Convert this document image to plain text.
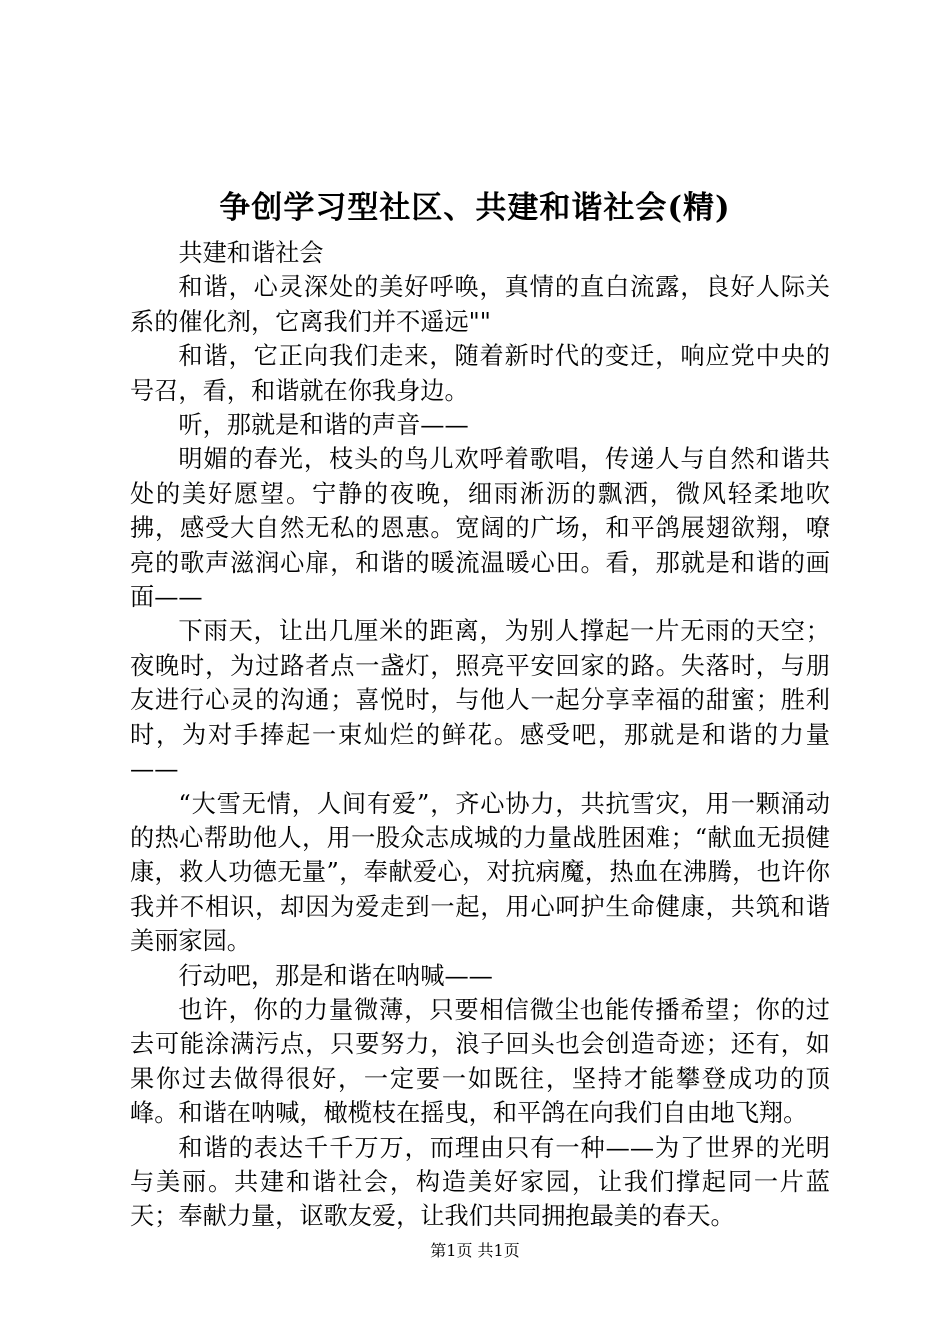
争创学习型社区、共建和谐社会(精)

共建和谐社会

和谐，心灵深处的美好呼唤，真情的直白流露，良好人际关系的催化剂，它离我们并不遥远""

和谐，它正向我们走来，随着新时代的变迁，响应党中央的号召，看，和谐就在你我身边。

听，那就是和谐的声音——

明媚的春光，枝头的鸟儿欢呼着歌唱，传递人与自然和谐共处的美好愿望。宁静的夜晚，细雨淅沥的飘洒，微风轻柔地吹拂，感受大自然无私的恩惠。宽阔的广场，和平鸽展翅欲翔，嘹亮的歌声滋润心扉，和谐的暖流温暖心田。看，那就是和谐的画面——

下雨天，让出几厘米的距离，为别人撑起一片无雨的天空；夜晚时，为过路者点一盏灯，照亮平安回家的路。失落时，与朋友进行心灵的沟通；喜悦时，与他人一起分享幸福的甜蜜；胜利时，为对手捧起一束灿烂的鲜花。感受吧，那就是和谐的力量——

“大雪无情，人间有爱”，齐心协力，共抗雪灾，用一颗涌动的热心帮助他人，用一股众志成城的力量战胜困难；“献血无损健康，救人功德无量”，奉献爱心，对抗病魔，热血在沸腾，也许你我并不相识，却因为爱走到一起，用心呵护生命健康，共筑和谐美丽家园。

行动吧，那是和谐在呐喊——

也许，你的力量微薄，只要相信微尘也能传播希望；你的过去可能涂满污点，只要努力，浪子回头也会创造奇迹；还有，如果你过去做得很好，一定要一如既往，坚持才能攀登成功的顶峰。和谐在呐喊，橄榄枝在摇曳，和平鸽在向我们自由地飞翔。

和谐的表达千千万万，而理由只有一种——为了世界的光明与美丽。共建和谐社会，构造美好家园，让我们撑起同一片蓝天；奉献力量，讴歌友爱，让我们共同拥抱最美的春天。

第1页 共1页
